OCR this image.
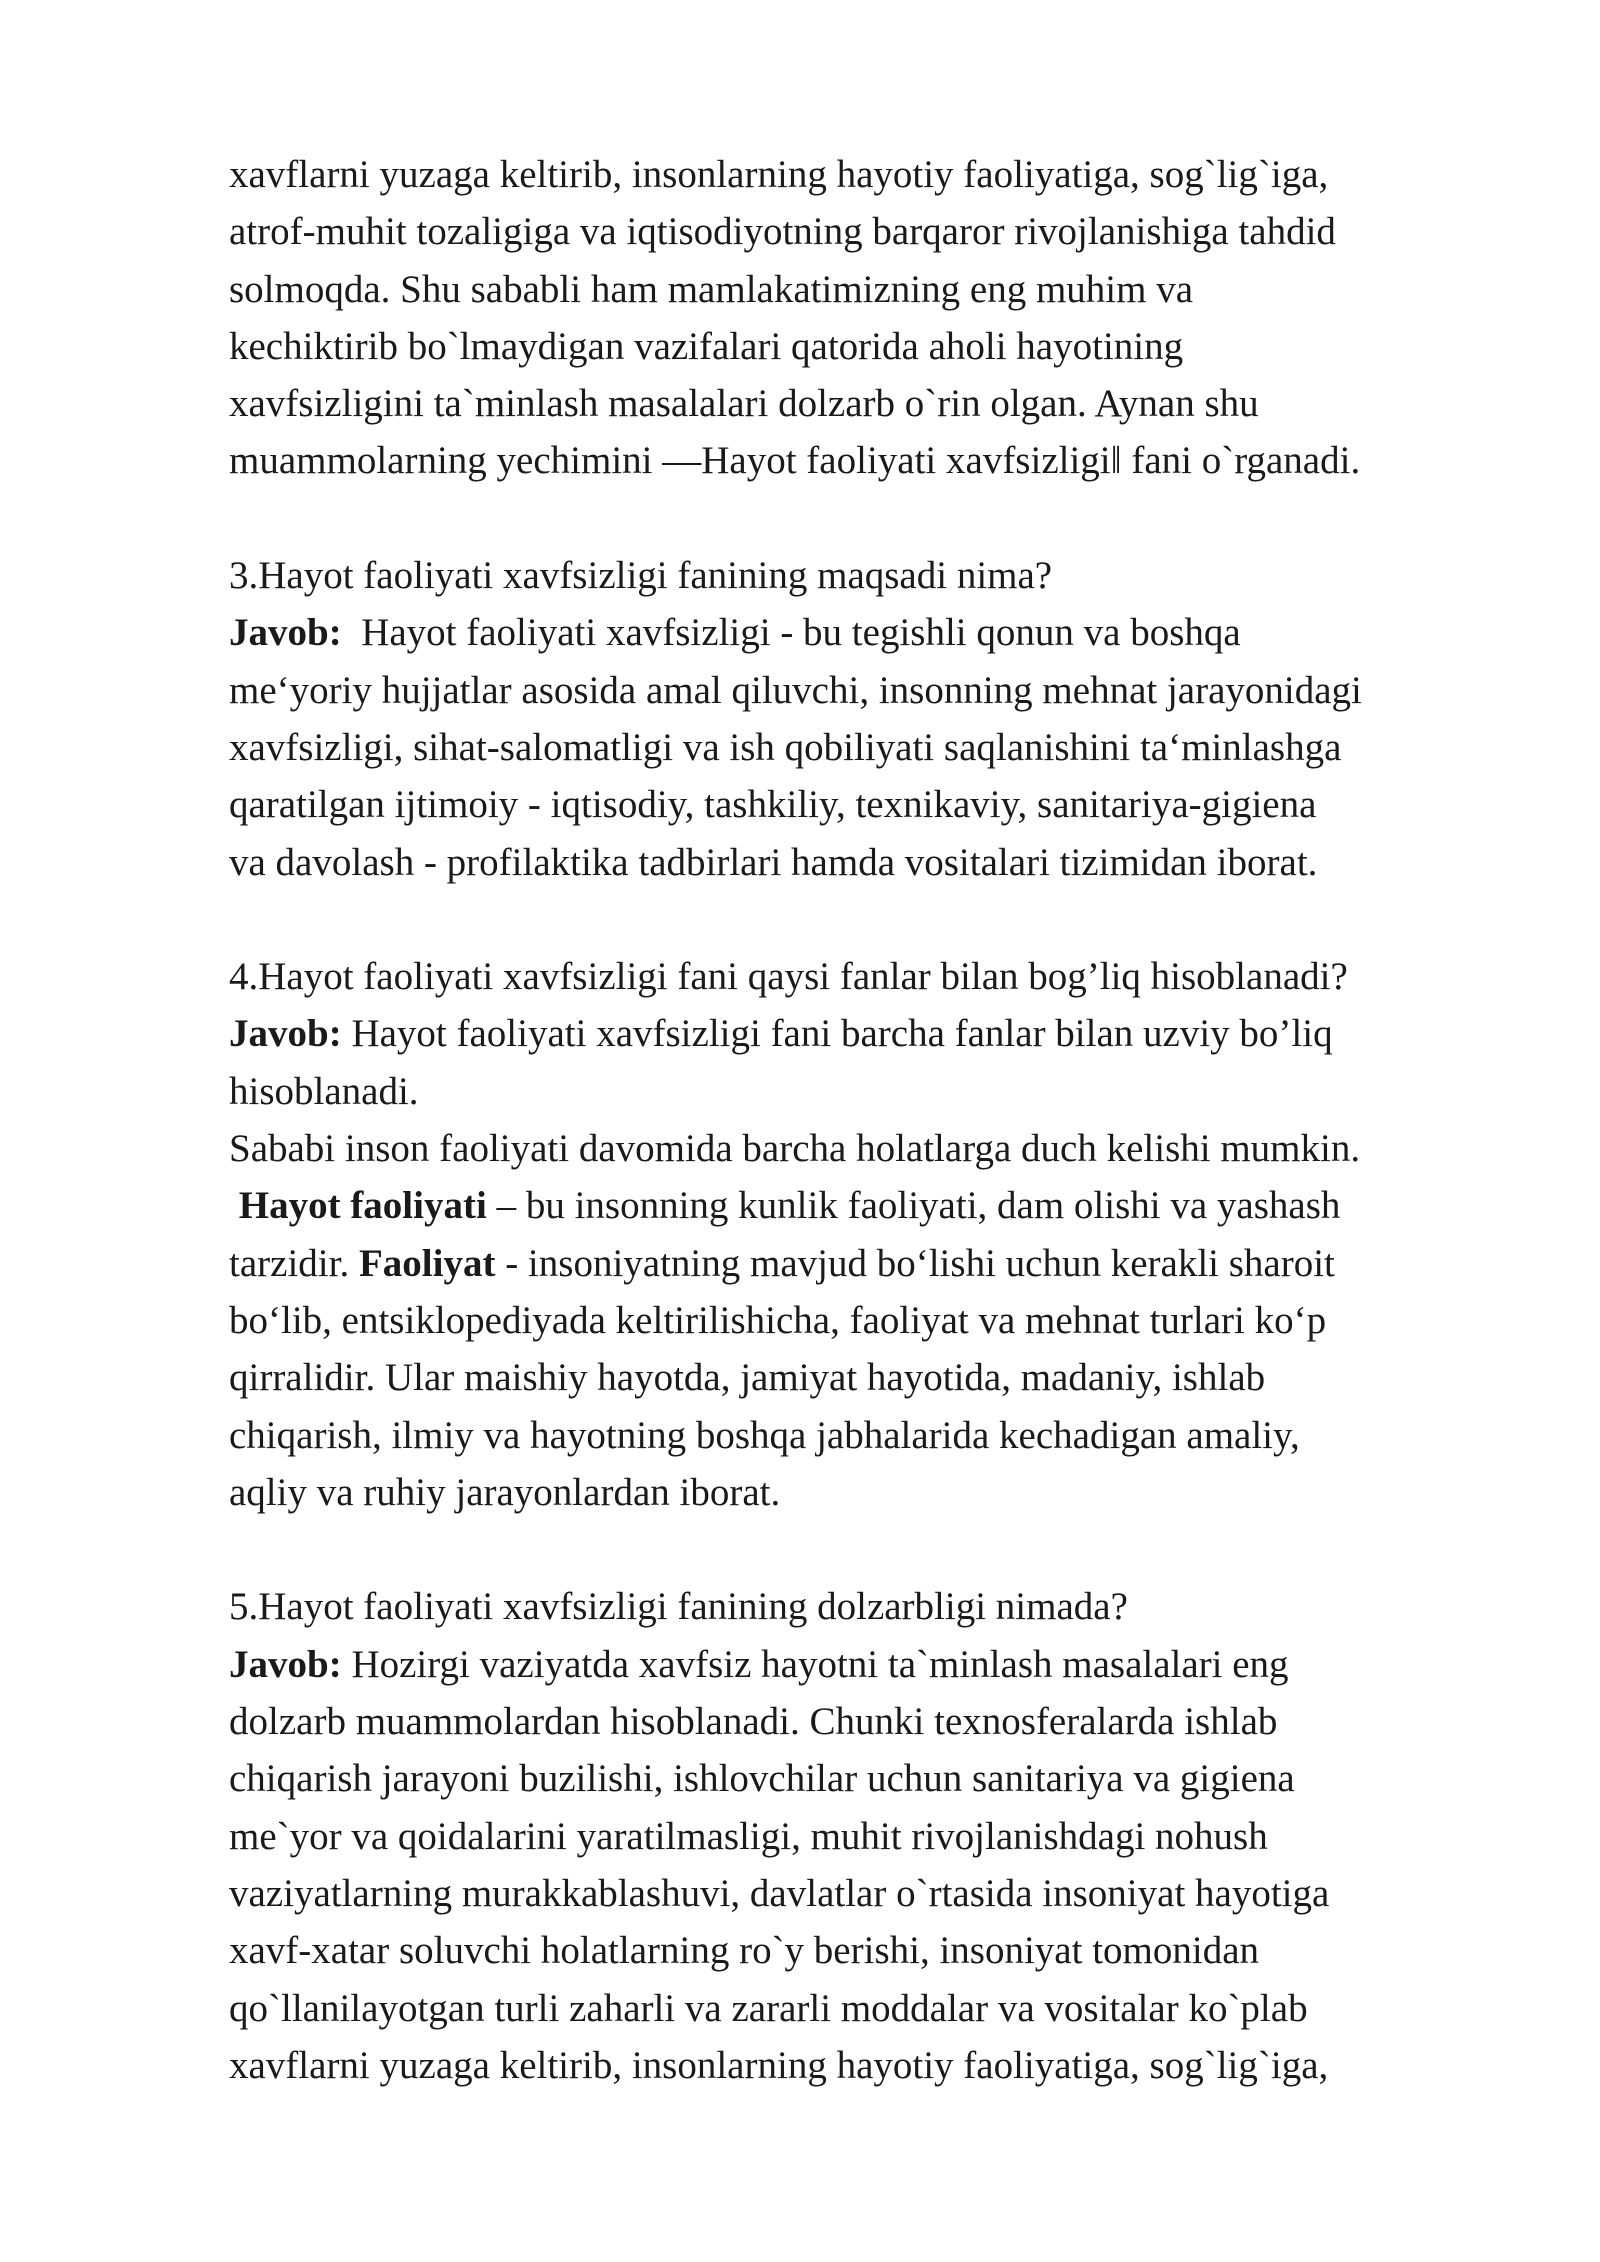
xavflarni yuzaga keltirib, insonlarning hayotiy faoliyatiga, sog`lig`iga,
atrof-muhit tozaligiga va iqtisodiyotning barqaror rivojlanishiga tahdid
solmoqda. Shu sababli ham mamlakatimizning eng muhim va
kechiktirib bo`lmaydigan vazifalari qatorida aholi hayotining
xavfsizligini ta`minlash masalalari dolzarb o`rin olgan. Aynan shu
muammolarning yechimini ―Hayot faoliyati xavfsizligi‖ fani o`rganadi.
3.Hayot faoliyati xavfsizligi fanining maqsadi nima?
Javob:  Hayot faoliyati xavfsizligi - bu tegishli qonun va boshqa
me‘yoriy hujjatlar asosida amal qiluvchi, insonning mehnat jarayonidagi
xavfsizligi, sihat-salomatligi va ish qobiliyati saqlanishini ta‘minlashga
qaratilgan ijtimoiy - iqtisodiy, tashkiliy, texnikaviy, sanitariya-gigiena
va davolash - profilaktika tadbirlari hamda vositalari tizimidan iborat.
4.Hayot faoliyati xavfsizligi fani qaysi fanlar bilan bog’liq hisoblanadi?
Javob: Hayot faoliyati xavfsizligi fani barcha fanlar bilan uzviy bo’liq
hisoblanadi.
Sababi inson faoliyati davomida barcha holatlarga duch kelishi mumkin.
Hayot faoliyati – bu insonning kunlik faoliyati, dam olishi va yashash
tarzidir. Faoliyat - insoniyatning mavjud bo‘lishi uchun kerakli sharoit
bo‘lib, entsiklopediyada keltirilishicha, faoliyat va mehnat turlari ko‘p
qirralidir. Ular maishiy hayotda, jamiyat hayotida, madaniy, ishlab
chiqarish, ilmiy va hayotning boshqa jabhalarida kechadigan amaliy,
aqliy va ruhiy jarayonlardan iborat.
5.Hayot faoliyati xavfsizligi fanining dolzarbligi nimada?
Javob: Hozirgi vaziyatda xavfsiz hayotni ta`minlash masalalari eng
dolzarb muammolardan hisoblanadi. Chunki texnosferalarda ishlab
chiqarish jarayoni buzilishi, ishlovchilar uchun sanitariya va gigiena
me`yor va qoidalarini yaratilmasligi, muhit rivojlanishdagi nohush
vaziyatlarning murakkablashuvi, davlatlar o`rtasida insoniyat hayotiga
xavf-xatar soluvchi holatlarning ro`y berishi, insoniyat tomonidan
qo`llanilayotgan turli zaharli va zararli moddalar va vositalar ko`plab
xavflarni yuzaga keltirib, insonlarning hayotiy faoliyatiga, sog`lig`iga,
